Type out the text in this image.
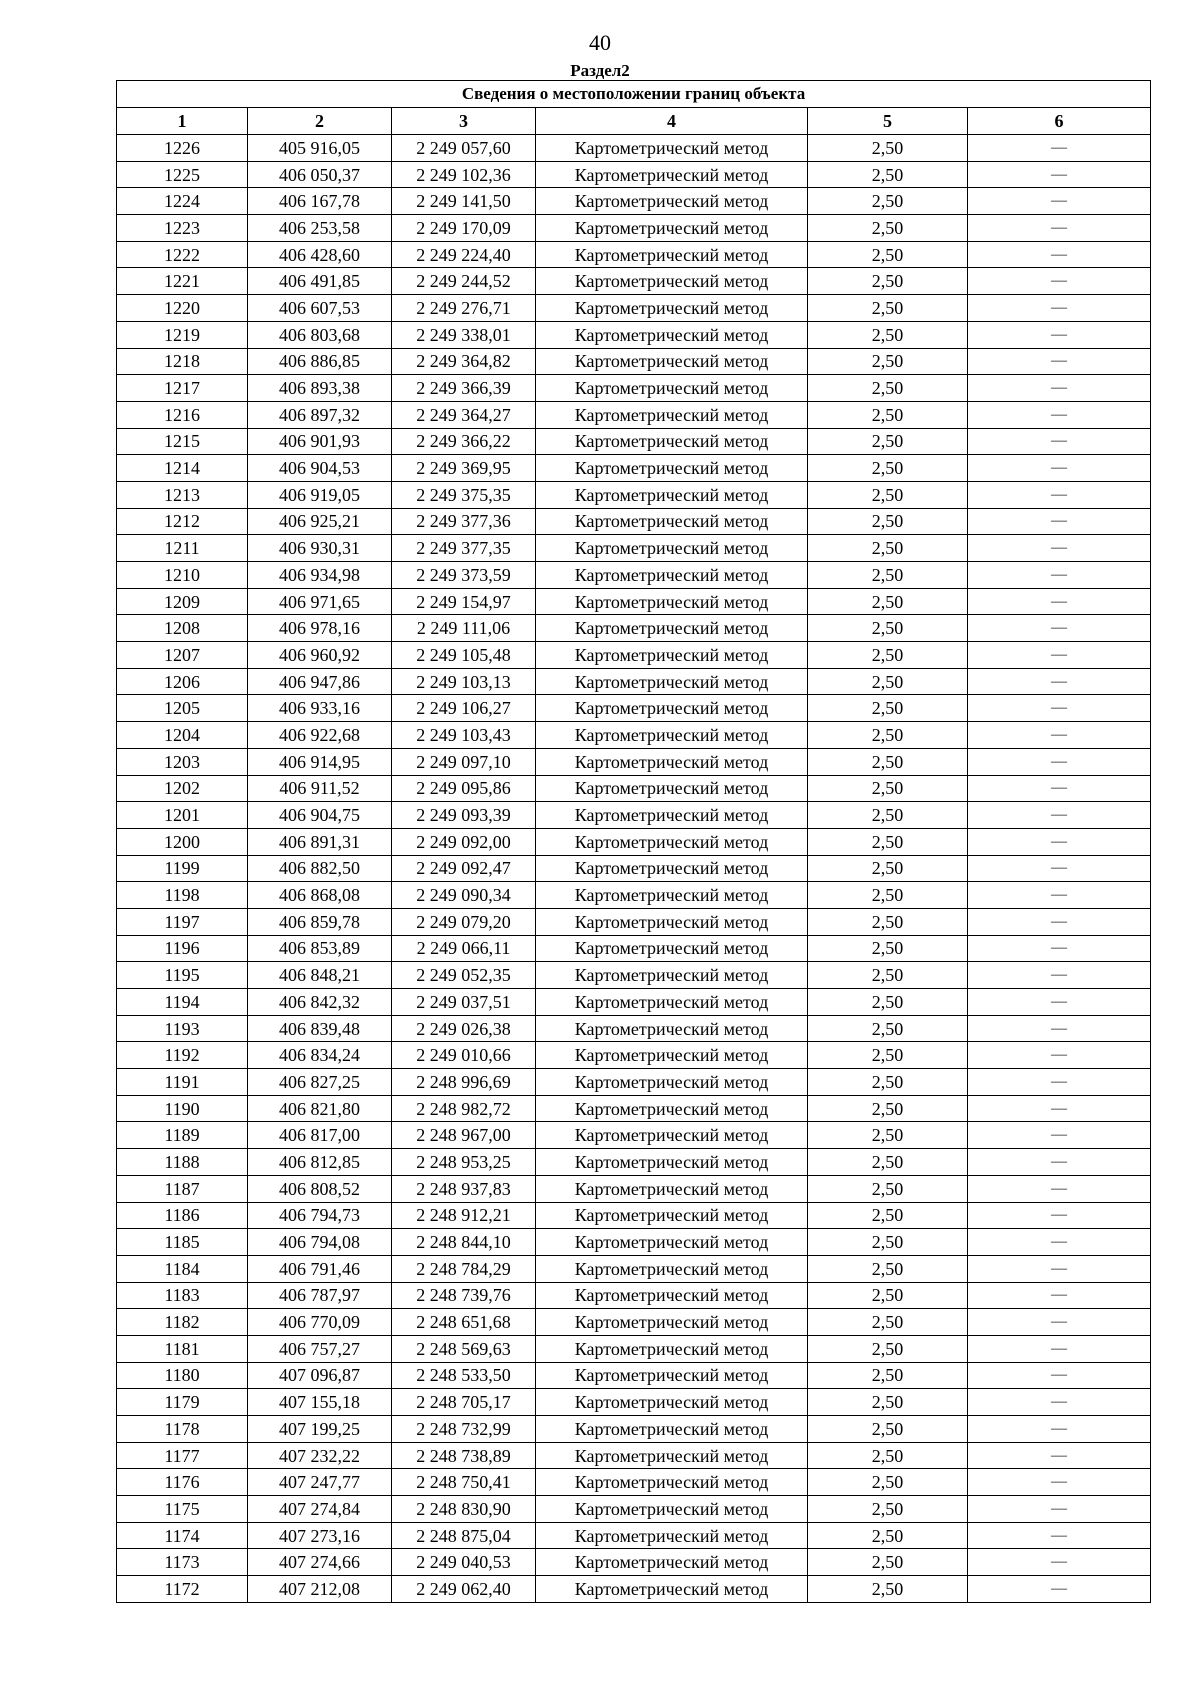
40
Раздел2
Сведения о местоположении границ объекта					
1	2	3	4	5	6
1226	405 916,05	2 249 057,60	Картометрический метод	2,50	—
1225	406 050,37	2 249 102,36	Картометрический метод	2,50	—
1224	406 167,78	2 249 141,50	Картометрический метод	2,50	—
1223	406 253,58	2 249 170,09	Картометрический метод	2,50	—
1222	406 428,60	2 249 224,40	Картометрический метод	2,50	—
1221	406 491,85	2 249 244,52	Картометрический метод	2,50	—
1220	406 607,53	2 249 276,71	Картометрический метод	2,50	—
1219	406 803,68	2 249 338,01	Картометрический метод	2,50	—
1218	406 886,85	2 249 364,82	Картометрический метод	2,50	—
1217	406 893,38	2 249 366,39	Картометрический метод	2,50	—
1216	406 897,32	2 249 364,27	Картометрический метод	2,50	—
1215	406 901,93	2 249 366,22	Картометрический метод	2,50	—
1214	406 904,53	2 249 369,95	Картометрический метод	2,50	—
1213	406 919,05	2 249 375,35	Картометрический метод	2,50	—
1212	406 925,21	2 249 377,36	Картометрический метод	2,50	—
1211	406 930,31	2 249 377,35	Картометрический метод	2,50	—
1210	406 934,98	2 249 373,59	Картометрический метод	2,50	—
1209	406 971,65	2 249 154,97	Картометрический метод	2,50	—
1208	406 978,16	2 249 111,06	Картометрический метод	2,50	—
1207	406 960,92	2 249 105,48	Картометрический метод	2,50	—
1206	406 947,86	2 249 103,13	Картометрический метод	2,50	—
1205	406 933,16	2 249 106,27	Картометрический метод	2,50	—
1204	406 922,68	2 249 103,43	Картометрический метод	2,50	—
1203	406 914,95	2 249 097,10	Картометрический метод	2,50	—
1202	406 911,52	2 249 095,86	Картометрический метод	2,50	—
1201	406 904,75	2 249 093,39	Картометрический метод	2,50	—
1200	406 891,31	2 249 092,00	Картометрический метод	2,50	—
1199	406 882,50	2 249 092,47	Картометрический метод	2,50	—
1198	406 868,08	2 249 090,34	Картометрический метод	2,50	—
1197	406 859,78	2 249 079,20	Картометрический метод	2,50	—
1196	406 853,89	2 249 066,11	Картометрический метод	2,50	—
1195	406 848,21	2 249 052,35	Картометрический метод	2,50	—
1194	406 842,32	2 249 037,51	Картометрический метод	2,50	—
1193	406 839,48	2 249 026,38	Картометрический метод	2,50	—
1192	406 834,24	2 249 010,66	Картометрический метод	2,50	—
1191	406 827,25	2 248 996,69	Картометрический метод	2,50	—
1190	406 821,80	2 248 982,72	Картометрический метод	2,50	—
1189	406 817,00	2 248 967,00	Картометрический метод	2,50	—
1188	406 812,85	2 248 953,25	Картометрический метод	2,50	—
1187	406 808,52	2 248 937,83	Картометрический метод	2,50	—
1186	406 794,73	2 248 912,21	Картометрический метод	2,50	—
1185	406 794,08	2 248 844,10	Картометрический метод	2,50	—
1184	406 791,46	2 248 784,29	Картометрический метод	2,50	—
1183	406 787,97	2 248 739,76	Картометрический метод	2,50	—
1182	406 770,09	2 248 651,68	Картометрический метод	2,50	—
1181	406 757,27	2 248 569,63	Картометрический метод	2,50	—
1180	407 096,87	2 248 533,50	Картометрический метод	2,50	—
1179	407 155,18	2 248 705,17	Картометрический метод	2,50	—
1178	407 199,25	2 248 732,99	Картометрический метод	2,50	—
1177	407 232,22	2 248 738,89	Картометрический метод	2,50	—
1176	407 247,77	2 248 750,41	Картометрический метод	2,50	—
1175	407 274,84	2 248 830,90	Картометрический метод	2,50	—
1174	407 273,16	2 248 875,04	Картометрический метод	2,50	—
1173	407 274,66	2 249 040,53	Картометрический метод	2,50	—
1172	407 212,08	2 249 062,40	Картометрический метод	2,50	—
